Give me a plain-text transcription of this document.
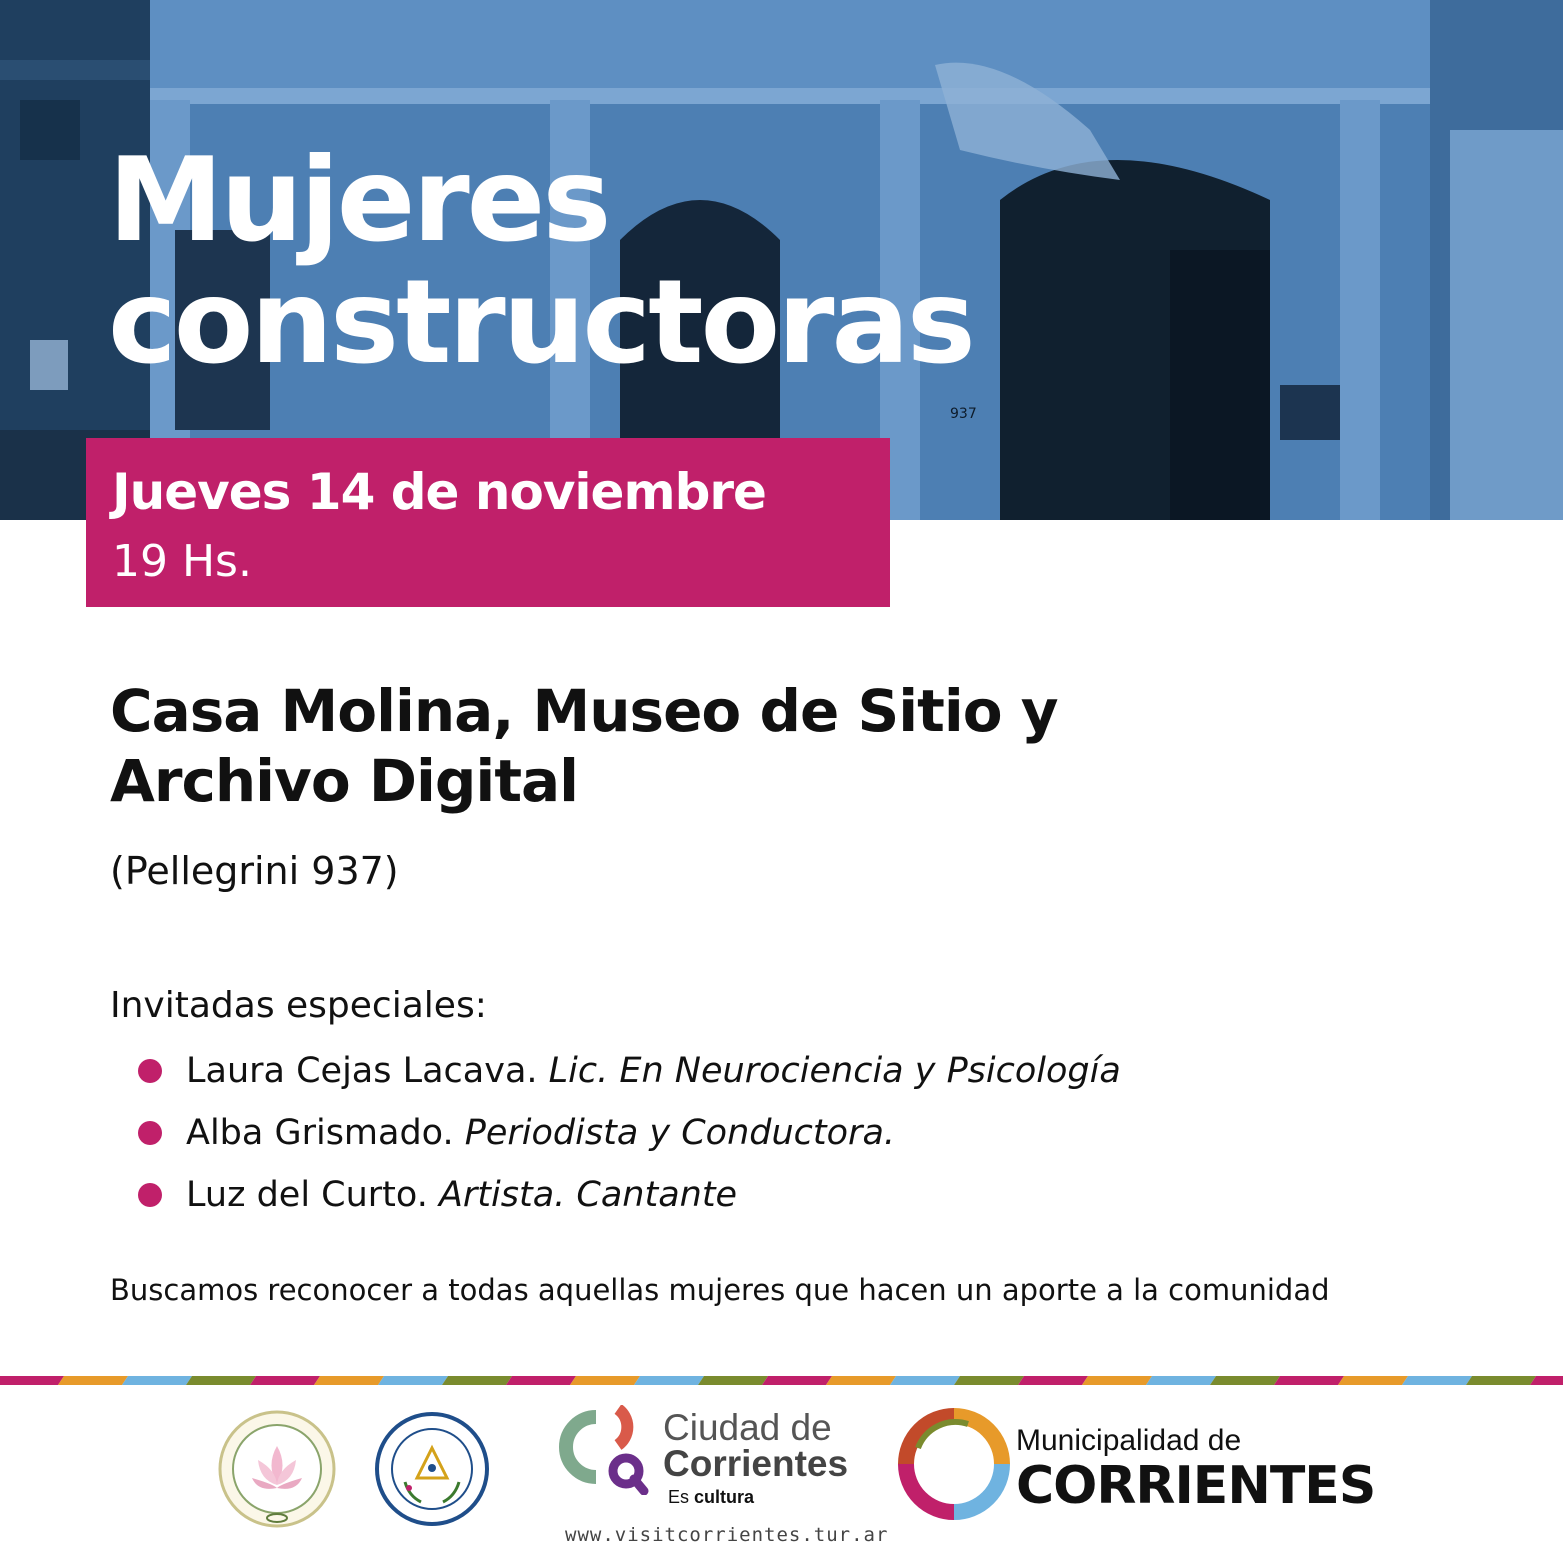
937
Mujeres
constructoras
Jueves 14 de noviembre
19 Hs.
Casa Molina, Museo de Sitio y
Archivo Digital
(Pellegrini 937)
Invitadas especiales:
Laura Cejas Lacava. Lic. En Neurociencia y Psicología
Alba Grismado. Periodista y Conductora.
Luz del Curto. Artista. Cantante
Buscamos reconocer a todas aquellas mujeres que hacen un aporte a la comunidad
Ciudad de
Corrientes
Es cultura
www.visitcorrientes.tur.ar
Municipalidad de
CORRIENTES
